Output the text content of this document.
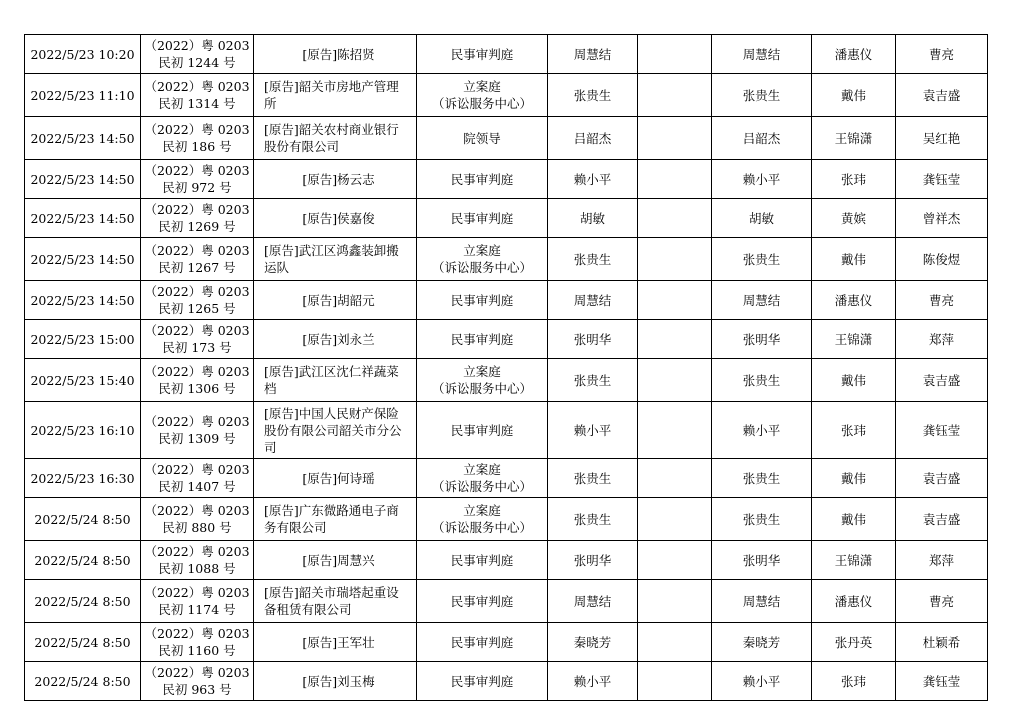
2022/5/23 10:20	（2022）粤 0203
民初 1244 号	[原告]陈招贤	民事审判庭	周慧结		周慧结	潘惠仪	曹亮
2022/5/23 11:10	（2022）粤 0203
民初 1314 号	[原告]韶关市房地产管理
所	立案庭
（诉讼服务中心）	张贵生		张贵生	戴伟	袁吉盛
2022/5/23 14:50	（2022）粤 0203
民初 186 号	[原告]韶关农村商业银行
股份有限公司	院领导	吕韶杰		吕韶杰	王锦潇	吴红艳
2022/5/23 14:50	（2022）粤 0203
民初 972 号	[原告]杨云志	民事审判庭	赖小平		赖小平	张玮	龚钰莹
2022/5/23 14:50	（2022）粤 0203
民初 1269 号	[原告]侯嘉俊	民事审判庭	胡敏		胡敏	黄嫔	曾祥杰
2022/5/23 14:50	（2022）粤 0203
民初 1267 号	[原告]武江区鸿鑫装卸搬
运队	立案庭
（诉讼服务中心）	张贵生		张贵生	戴伟	陈俊煜
2022/5/23 14:50	（2022）粤 0203
民初 1265 号	[原告]胡韶元	民事审判庭	周慧结		周慧结	潘惠仪	曹亮
2022/5/23 15:00	（2022）粤 0203
民初 173 号	[原告]刘永兰	民事审判庭	张明华		张明华	王锦潇	郑萍
2022/5/23 15:40	（2022）粤 0203
民初 1306 号	[原告]武江区沈仁祥蔬菜
档	立案庭
（诉讼服务中心）	张贵生		张贵生	戴伟	袁吉盛
2022/5/23 16:10	（2022）粤 0203
民初 1309 号	[原告]中国人民财产保险
股份有限公司韶关市分公
司	民事审判庭	赖小平		赖小平	张玮	龚钰莹
2022/5/23 16:30	（2022）粤 0203
民初 1407 号	[原告]何诗瑶	立案庭
（诉讼服务中心）	张贵生		张贵生	戴伟	袁吉盛
2022/5/24 8:50	（2022）粤 0203
民初 880 号	[原告]广东微路通电子商
务有限公司	立案庭
（诉讼服务中心）	张贵生		张贵生	戴伟	袁吉盛
2022/5/24 8:50	（2022）粤 0203
民初 1088 号	[原告]周慧兴	民事审判庭	张明华		张明华	王锦潇	郑萍
2022/5/24 8:50	（2022）粤 0203
民初 1174 号	[原告]韶关市瑞塔起重设
备租赁有限公司	民事审判庭	周慧结		周慧结	潘惠仪	曹亮
2022/5/24 8:50	（2022）粤 0203
民初 1160 号	[原告]王军壮	民事审判庭	秦晓芳		秦晓芳	张丹英	杜颖希
2022/5/24 8:50	（2022）粤 0203
民初 963 号	[原告]刘玉梅	民事审判庭	赖小平		赖小平	张玮	龚钰莹
